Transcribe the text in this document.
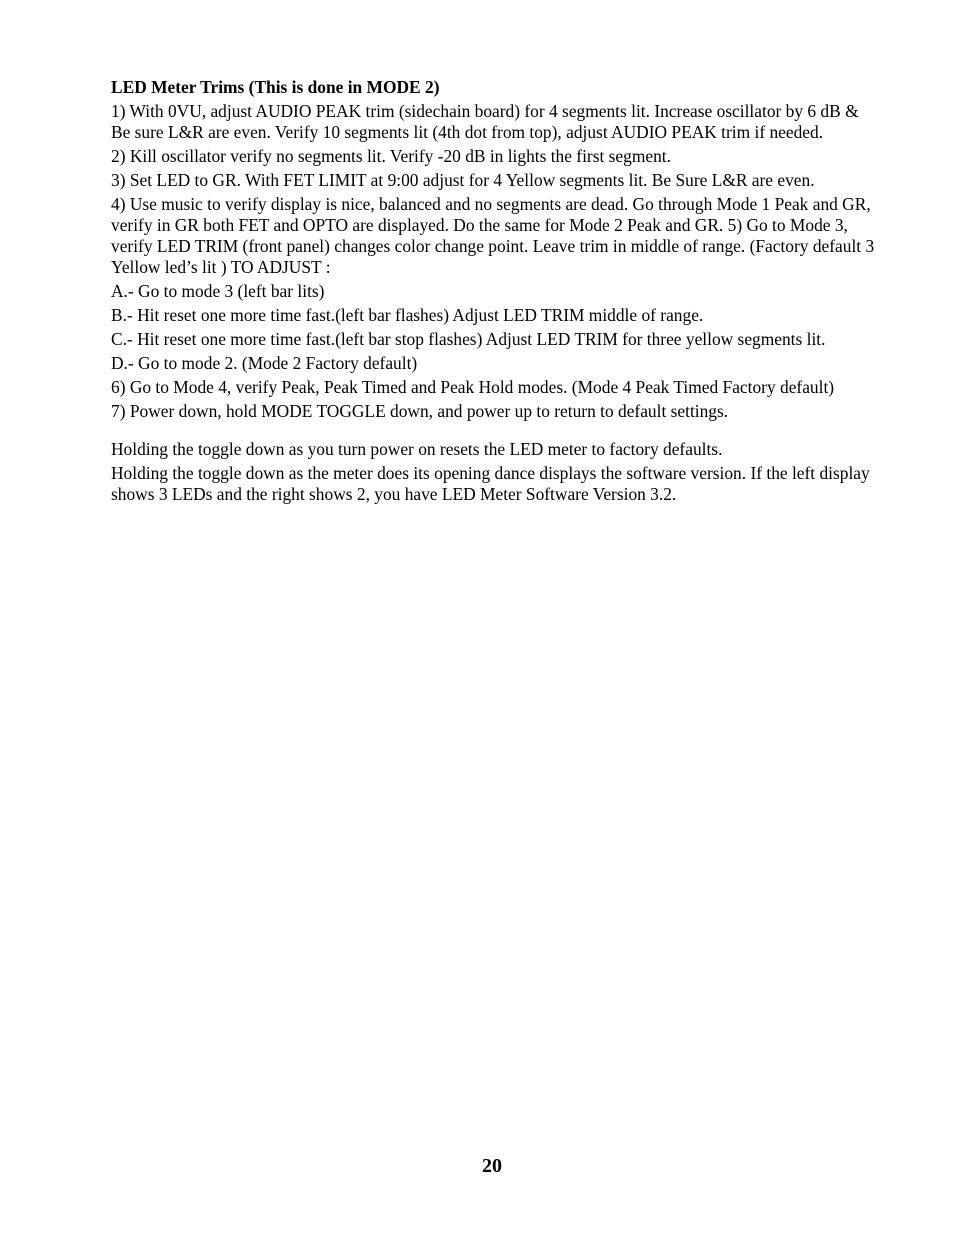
LED Meter Trims (This is done in MODE 2)
1) With 0VU, adjust AUDIO PEAK trim (sidechain board) for 4 segments lit. Increase oscillator by 6 dB & Be sure L&R are even. Verify 10 segments lit (4th dot from top), adjust AUDIO PEAK trim if needed.
2) Kill oscillator verify no segments lit. Verify -20 dB in lights the first segment.
3) Set LED to GR. With FET LIMIT at 9:00 adjust for 4 Yellow segments lit. Be Sure L&R are even.
4) Use music to verify display is nice, balanced and no segments are dead. Go through Mode 1 Peak and GR, verify in GR both FET and OPTO are displayed. Do the same for Mode 2 Peak and GR. 5) Go to Mode 3, verify LED TRIM (front panel) changes color change point. Leave trim in middle of range. (Factory default 3 Yellow led’s lit ) TO ADJUST :
A.- Go to mode 3 (left bar lits)
B.- Hit reset one more time fast.(left bar flashes) Adjust LED TRIM middle of range.
C.- Hit reset one more time fast.(left bar stop flashes) Adjust LED TRIM for three yellow segments lit.
D.- Go to mode 2. (Mode 2 Factory default)
6) Go to Mode 4, verify Peak, Peak Timed and Peak Hold modes. (Mode 4 Peak Timed Factory default)
7) Power down, hold MODE TOGGLE down, and power up to return to default settings.
Holding the toggle down as you turn power on resets the LED meter to factory defaults.
Holding the toggle down as the meter does its opening dance displays the software version. If the left display shows 3 LEDs and the right shows 2, you have LED Meter Software Version 3.2.
20
